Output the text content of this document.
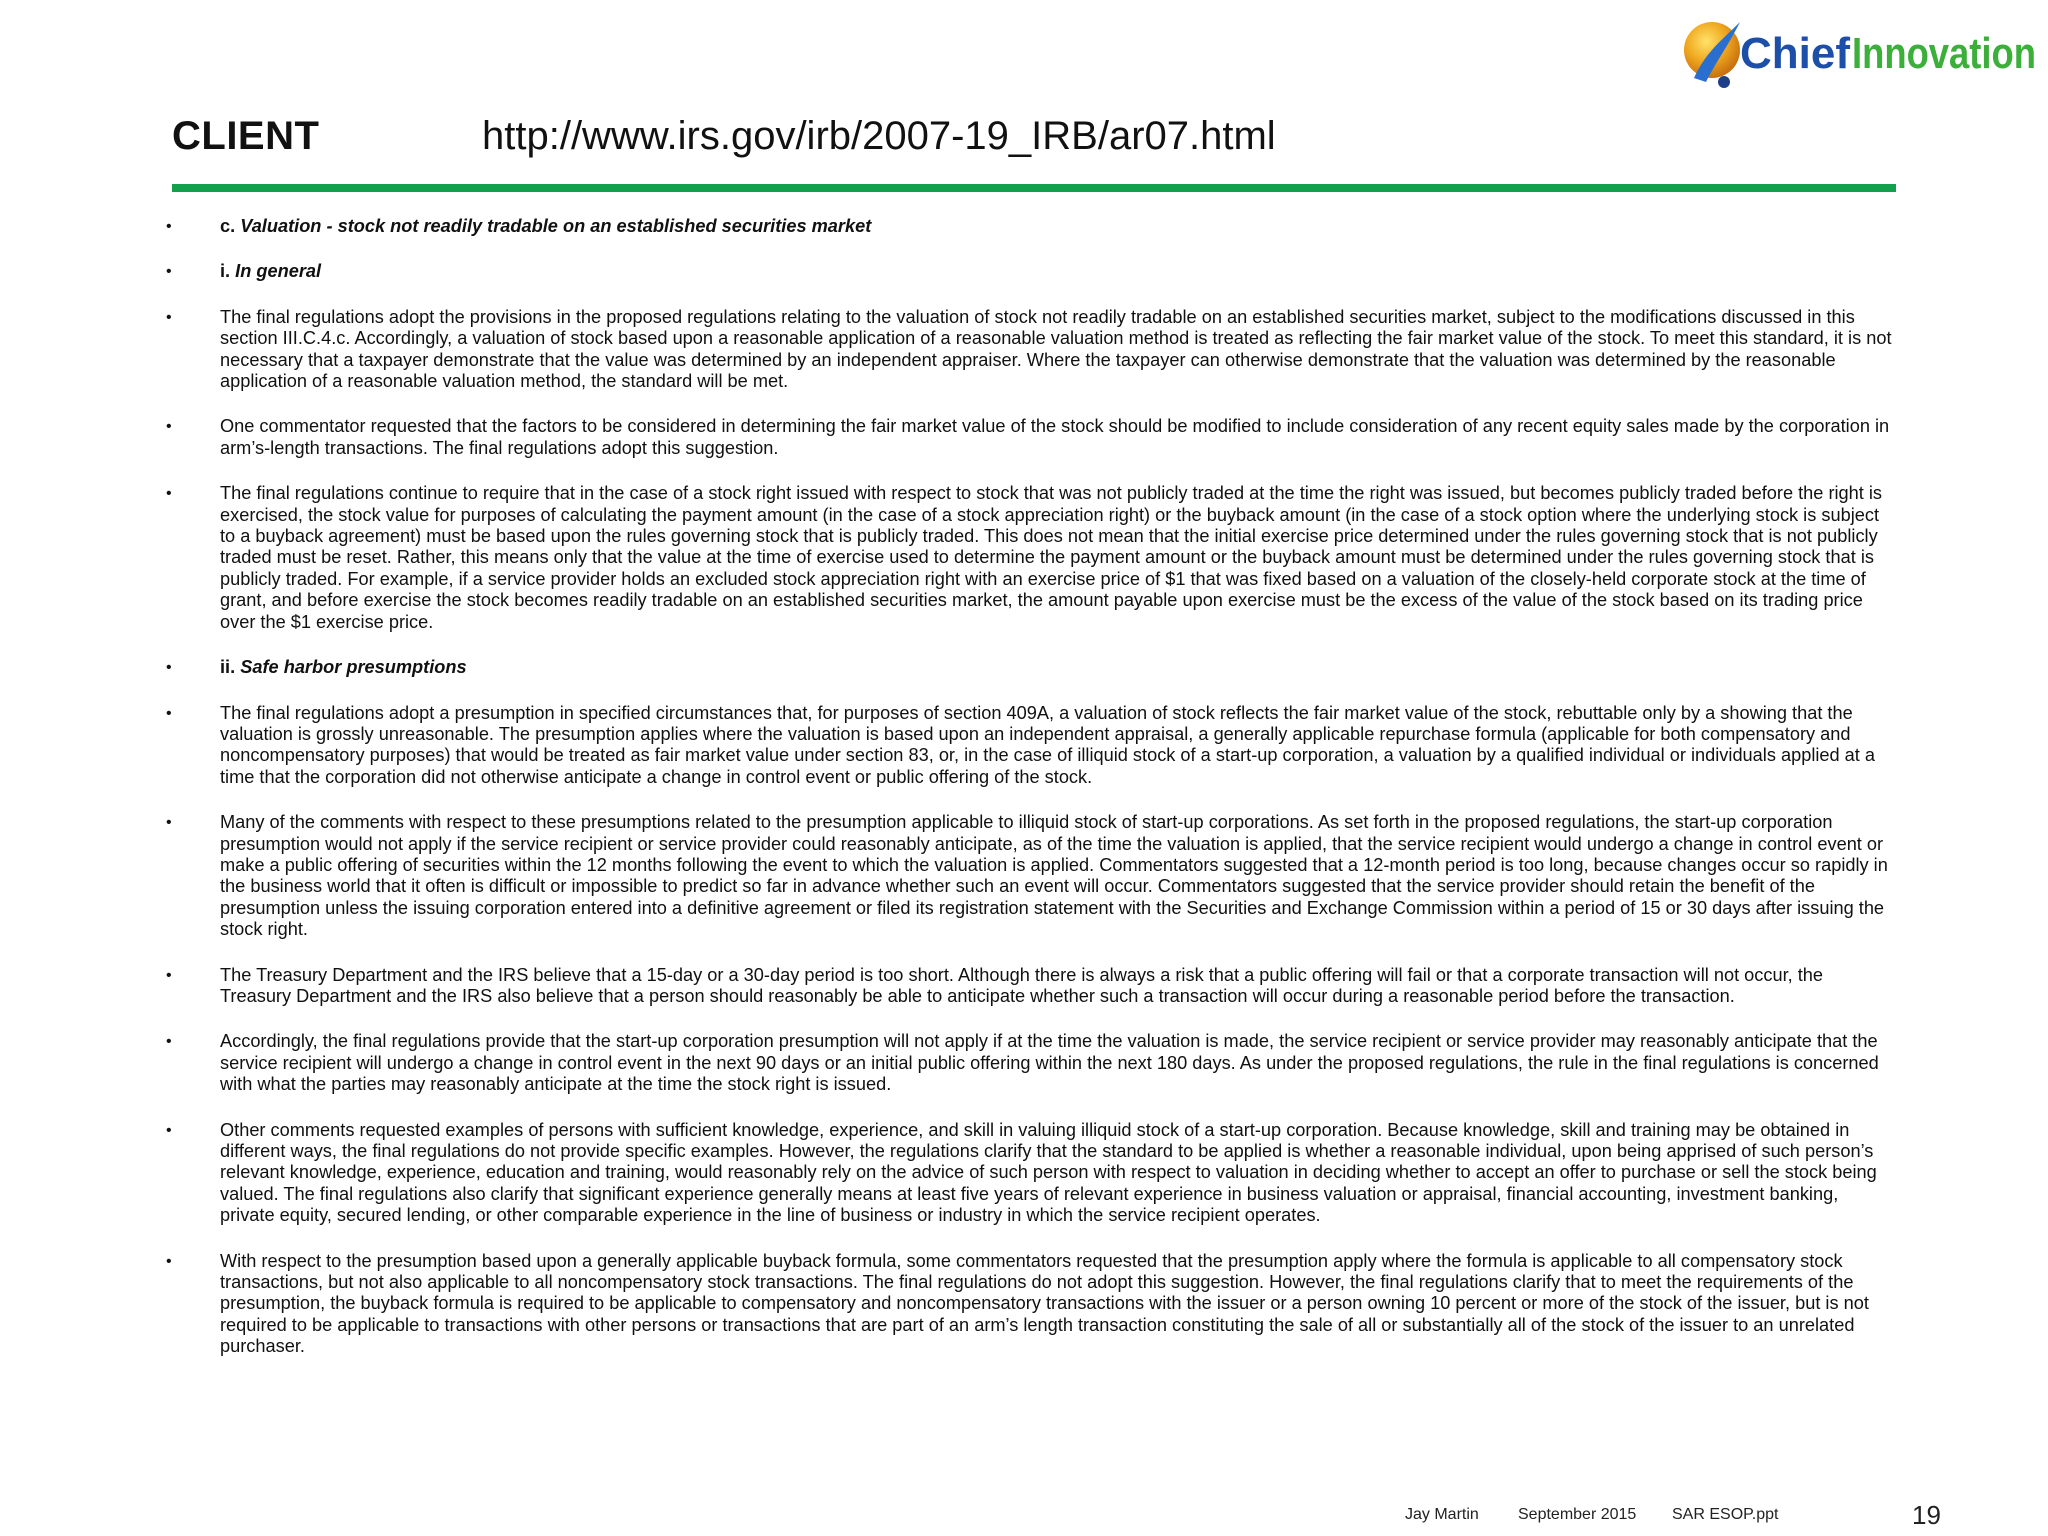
Chief Innovation
CLIENT	http://www.irs.gov/irb/2007-19_IRB/ar07.html
•	c. Valuation - stock not readily tradable on an established securities market
•	i. In general
•	The final regulations adopt the provisions in the proposed regulations relating to the valuation of stock not readily tradable on an established securities market, subject to the modifications discussed in this section III.C.4.c. Accordingly, a valuation of stock based upon a reasonable application of a reasonable valuation method is treated as reflecting the fair market value of the stock. To meet this standard, it is not necessary that a taxpayer demonstrate that the value was determined by an independent appraiser. Where the taxpayer can otherwise demonstrate that the valuation was determined by the reasonable application of a reasonable valuation method, the standard will be met.
•	One commentator requested that the factors to be considered in determining the fair market value of the stock should be modified to include consideration of any recent equity sales made by the corporation in arm’s-length transactions. The final regulations adopt this suggestion.
•	The final regulations continue to require that in the case of a stock right issued with respect to stock that was not publicly traded at the time the right was issued, but becomes publicly traded before the right is exercised, the stock value for purposes of calculating the payment amount (in the case of a stock appreciation right) or the buyback amount (in the case of a stock option where the underlying stock is subject to a buyback agreement) must be based upon the rules governing stock that is publicly traded. This does not mean that the initial exercise price determined under the rules governing stock that is not publicly traded must be reset. Rather, this means only that the value at the time of exercise used to determine the payment amount or the buyback amount must be determined under the rules governing stock that is publicly traded. For example, if a service provider holds an excluded stock appreciation right with an exercise price of $1 that was fixed based on a valuation of the closely-held corporate stock at the time of grant, and before exercise the stock becomes readily tradable on an established securities market, the amount payable upon exercise must be the excess of the value of the stock based on its trading price over the $1 exercise price.
•	ii. Safe harbor presumptions
•	The final regulations adopt a presumption in specified circumstances that, for purposes of section 409A, a valuation of stock reflects the fair market value of the stock, rebuttable only by a showing that the valuation is grossly unreasonable. The presumption applies where the valuation is based upon an independent appraisal, a generally applicable repurchase formula (applicable for both compensatory and noncompensatory purposes) that would be treated as fair market value under section 83, or, in the case of illiquid stock of a start-up corporation, a valuation by a qualified individual or individuals applied at a time that the corporation did not otherwise anticipate a change in control event or public offering of the stock.
•	Many of the comments with respect to these presumptions related to the presumption applicable to illiquid stock of start-up corporations. As set forth in the proposed regulations, the start-up corporation presumption would not apply if the service recipient or service provider could reasonably anticipate, as of the time the valuation is applied, that the service recipient would undergo a change in control event or make a public offering of securities within the 12 months following the event to which the valuation is applied. Commentators suggested that a 12-month period is too long, because changes occur so rapidly in the business world that it often is difficult or impossible to predict so far in advance whether such an event will occur. Commentators suggested that the service provider should retain the benefit of the presumption unless the issuing corporation entered into a definitive agreement or filed its registration statement with the Securities and Exchange Commission within a period of 15 or 30 days after issuing the stock right.
•	The Treasury Department and the IRS believe that a 15-day or a 30-day period is too short. Although there is always a risk that a public offering will fail or that a corporate transaction will not occur, the Treasury Department and the IRS also believe that a person should reasonably be able to anticipate whether such a transaction will occur during a reasonable period before the transaction.
•	Accordingly, the final regulations provide that the start-up corporation presumption will not apply if at the time the valuation is made, the service recipient or service provider may reasonably anticipate that the service recipient will undergo a change in control event in the next 90 days or an initial public offering within the next 180 days. As under the proposed regulations, the rule in the final regulations is concerned with what the parties may reasonably anticipate at the time the stock right is issued.
•	Other comments requested examples of persons with sufficient knowledge, experience, and skill in valuing illiquid stock of a start-up corporation. Because knowledge, skill and training may be obtained in different ways, the final regulations do not provide specific examples. However, the regulations clarify that the standard to be applied is whether a reasonable individual, upon being apprised of such person’s relevant knowledge, experience, education and training, would reasonably rely on the advice of such person with respect to valuation in deciding whether to accept an offer to purchase or sell the stock being valued. The final regulations also clarify that significant experience generally means at least five years of relevant experience in business valuation or appraisal, financial accounting, investment banking, private equity, secured lending, or other comparable experience in the line of business or industry in which the service recipient operates.
•	With respect to the presumption based upon a generally applicable buyback formula, some commentators requested that the presumption apply where the formula is applicable to all compensatory stock transactions, but not also applicable to all noncompensatory stock transactions. The final regulations do not adopt this suggestion. However, the final regulations clarify that to meet the requirements of the presumption, the buyback formula is required to be applicable to compensatory and noncompensatory transactions with the issuer or a person owning 10 percent or more of the stock of the issuer, but is not required to be applicable to transactions with other persons or transactions that are part of an arm’s length transaction constituting the sale of all or substantially all of the stock of the issuer to an unrelated purchaser.
Jay Martin September 2015 SAR ESOP.ppt	19
